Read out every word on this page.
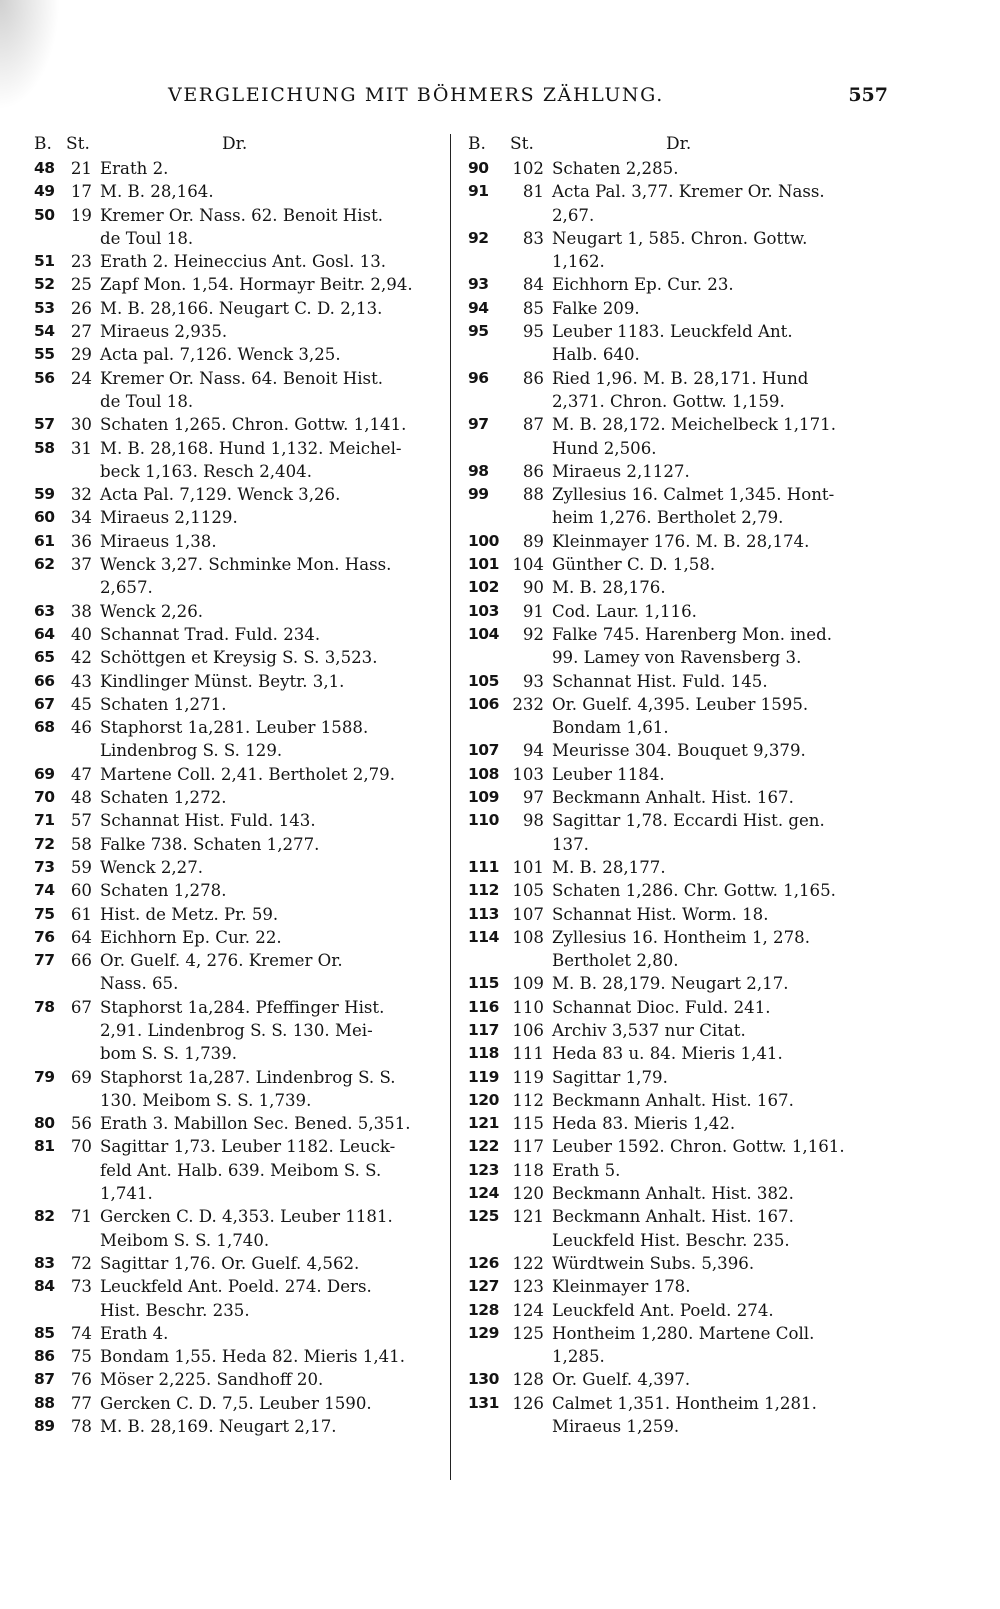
VERGLEICHUNG MIT BÖHMERS ZÄHLUNG.	557
B. St.	Dr.
48 21 Erath 2.
49 17 M. B. 28,164.
50 19 Kremer Or. Nass. 62. Benoit Hist.
de Toul 18.
51 23 Erath 2. Heineccius Ant. Gosl. 13.
52 25 Zapf Mon. 1,54. Hormayr Beitr. 2,94.
53 26 M. B. 28,166. Neugart C. D. 2,13.
54 27 Miraeus 2,935.
55 29 Acta pal. 7,126. Wenck 3,25.
56 24 Kremer Or. Nass. 64. Benoit Hist.
de Toul 18.
57 30 Schaten 1,265. Chron. Gottw. 1,141.
58 31 M. B. 28,168. Hund 1,132. Meichel-
beck 1,163. Resch 2,404.
59 32 Acta Pal. 7,129. Wenck 3,26.
60 34 Miraeus 2,1129.
61 36 Miraeus 1,38.
62 37 Wenck 3,27. Schminke Mon. Hass.
2,657.
63 38 Wenck 2,26.
64 40 Schannat Trad. Fuld. 234.
65 42 Schöttgen et Kreysig S. S. 3,523.
66 43 Kindlinger Münst. Beytr. 3,1.
67 45 Schaten 1,271.
68 46 Staphorst 1a,281. Leuber 1588.
Lindenbrog S. S. 129.
69 47 Martene Coll. 2,41. Bertholet 2,79.
70 48 Schaten 1,272.
71 57 Schannat Hist. Fuld. 143.
72 58 Falke 738. Schaten 1,277.
73 59 Wenck 2,27.
74 60 Schaten 1,278.
75 61 Hist. de Metz. Pr. 59.
76 64 Eichhorn Ep. Cur. 22.
77 66 Or. Guelf. 4, 276. Kremer Or.
Nass. 65.
78 67 Staphorst 1a,284. Pfeffinger Hist.
2,91. Lindenbrog S. S. 130. Mei-
bom S. S. 1,739.
79 69 Staphorst 1a,287. Lindenbrog S. S.
130. Meibom S. S. 1,739.
80 56 Erath 3. Mabillon Sec. Bened. 5,351.
81 70 Sagittar 1,73. Leuber 1182. Leuck-
feld Ant. Halb. 639. Meibom S. S.
1,741.
82 71 Gercken C. D. 4,353. Leuber 1181.
Meibom S. S. 1,740.
83 72 Sagittar 1,76. Or. Guelf. 4,562.
84 73 Leuckfeld Ant. Poeld. 274. Ders.
Hist. Beschr. 235.
85 74 Erath 4.
86 75 Bondam 1,55. Heda 82. Mieris 1,41.
87 76 Möser 2,225. Sandhoff 20.
88 77 Gercken C. D. 7,5. Leuber 1590.
89 78 M. B. 28,169. Neugart 2,17.
B.	St.	Dr.
90	102 Schaten 2,285.
91	81 Acta Pal. 3,77. Kremer Or. Nass.
2,67.
92	83 Neugart 1, 585. Chron. Gottw.
1,162.
93	84 Eichhorn Ep. Cur. 23.
94	85 Falke 209.
95	95 Leuber 1183. Leuckfeld Ant.
Halb. 640.
96	86 Ried 1,96. M. B. 28,171. Hund
2,371. Chron. Gottw. 1,159.
97	87 M. B. 28,172. Meichelbeck 1,171.
Hund 2,506.
98	86 Miraeus 2,1127.
99	88 Zyllesius 16. Calmet 1,345. Hont-
heim 1,276. Bertholet 2,79.
100	89 Kleinmayer 176. M. B. 28,174.
101 104 Günther C. D. 1,58.
102	90 M. B. 28,176.
103	91 Cod. Laur. 1,116.
104	92 Falke 745. Harenberg Mon. ined.
99. Lamey von Ravensberg 3.
105	93 Schannat Hist. Fuld. 145.
106 232 Or. Guelf. 4,395. Leuber 1595.
Bondam 1,61.
107	94 Meurisse 304. Bouquet 9,379.
108 103 Leuber 1184.
109	97 Beckmann Anhalt. Hist. 167.
110	98 Sagittar 1,78. Eccardi Hist. gen.
137.
111 101 M. B. 28,177.
112 105 Schaten 1,286. Chr. Gottw. 1,165.
113 107 Schannat Hist. Worm. 18.
114 108 Zyllesius 16. Hontheim 1, 278.
Bertholet 2,80.
115 109 M. B. 28,179. Neugart 2,17.
116 110 Schannat Dioc. Fuld. 241.
117 106 Archiv 3,537 nur Citat.
118 111 Heda 83 u. 84. Mieris 1,41.
119 119 Sagittar 1,79.
120 112 Beckmann Anhalt. Hist. 167.
121 115 Heda 83. Mieris 1,42.
122 117 Leuber 1592. Chron. Gottw. 1,161.
123 118 Erath 5.
124 120 Beckmann Anhalt. Hist. 382.
125 121 Beckmann Anhalt. Hist. 167.
Leuckfeld Hist. Beschr. 235.
126 122 Würdtwein Subs. 5,396.
127 123 Kleinmayer 178.
128 124 Leuckfeld Ant. Poeld. 274.
129 125 Hontheim 1,280. Martene Coll.
1,285.
130 128 Or. Guelf. 4,397.
131 126 Calmet 1,351. Hontheim 1,281.
Miraeus 1,259.
